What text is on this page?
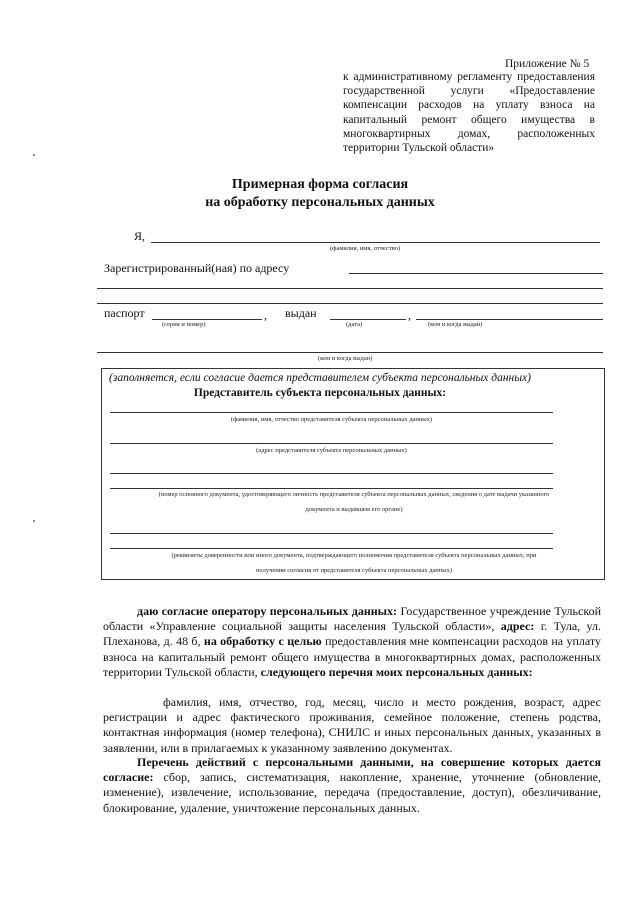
Приложение № 5
к административному регламенту предоставления государственной услуги «Предоставление компенсации расходов на уплату взноса на капитальный ремонт общего имущества в многоквартирных домах, расположенных территории Тульской области»
Примерная форма согласия
на обработку персональных данных
Я,
(фамилия, имя, отчество)
Зарегистрированный(ная) по адресу
паспорт	, выдан	,
(серия и номер)	(дата)	(кем и когда выдан)
(кем и когда выдан)
(заполняется, если согласие дается представителем субъекта персональных данных)
Представитель субъекта персональных данных:
(фамилия, имя, отчество представителя субъекта персональных данных)
(адрес представителя субъекта персональных данных)
(номер основного документа, удостоверяющего личность представителя субъекта персональных данных, сведения о дате выдачи указанного
документа и выдавшем его органе)
(реквизиты доверенности или иного документа, подтверждающего полномочия представителя субъекта персональных данных, при
получении согласия от представителя субъекта персональных данных)
даю согласие оператору персональных данных: Государственное учреждение Тульской области «Управление социальной защиты населения Тульской области», адрес: г. Тула, ул. Плеханова, д. 48 б, на обработку с целью предоставления мне компенсации расходов на уплату взноса на капитальный ремонт общего имущества в многоквартирных домах, расположенных территории Тульской области, следующего перечня моих персональных данных:
фамилия, имя, отчество, год, месяц, число и место рождения, возраст, адрес регистрации и адрес фактического проживания, семейное положение, степень родства, контактная информация (номер телефона), СНИЛС и иных персональных данных, указанных в заявлении, или в прилагаемых к указанному заявлению документах.
Перечень действий с персональными данными, на совершение которых дается согласие: сбор, запись, систематизация, накопление, хранение, уточнение (обновление, изменение), извлечение, использование, передача (предоставление, доступ), обезличивание, блокирование, удаление, уничтожение персональных данных.
